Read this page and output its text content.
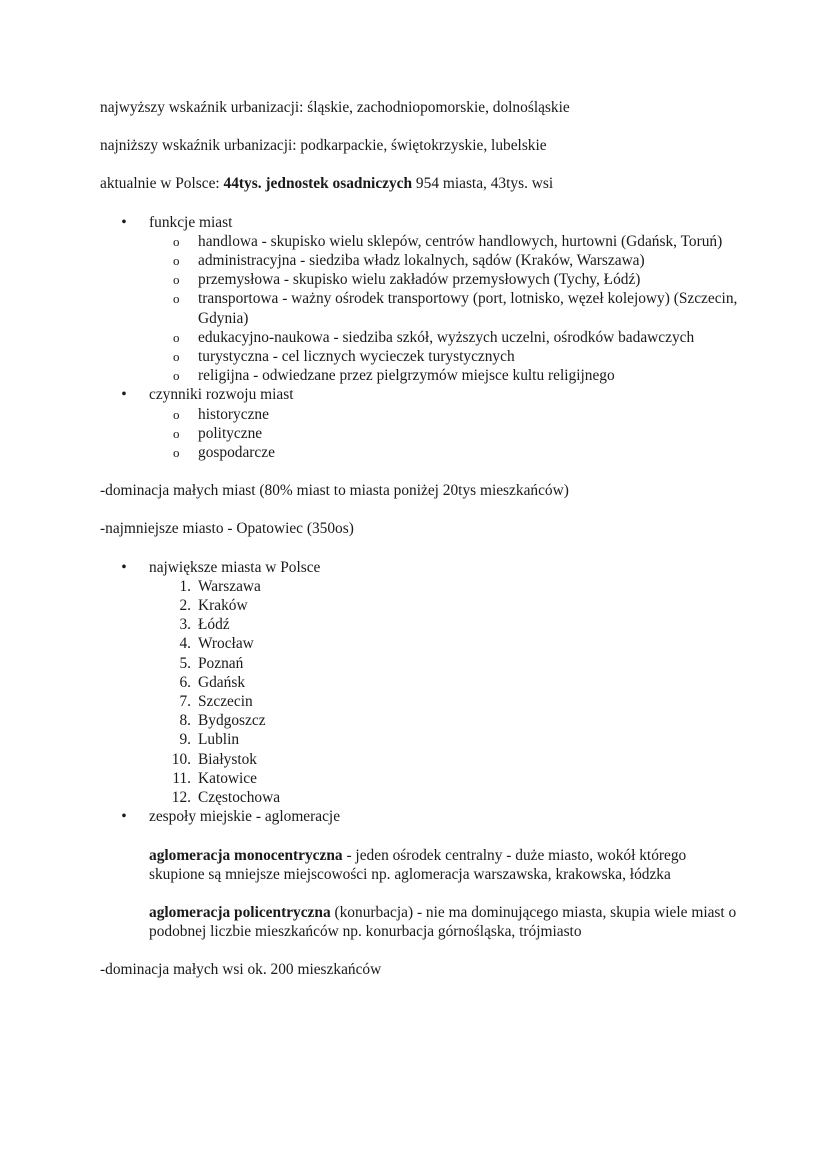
najwyższy wskaźnik urbanizacji: śląskie, zachodniopomorskie, dolnośląskie

najniższy wskaźnik urbanizacji: podkarpackie, świętokrzyskie, lubelskie

aktualnie w Polsce: 44tys. jednostek osadniczych 954 miasta, 43tys. wsi

• funkcje miast
o handlowa - skupisko wielu sklepów, centrów handlowych, hurtowni (Gdańsk, Toruń)
o administracyjna - siedziba władz lokalnych, sądów (Kraków, Warszawa)
o przemysłowa - skupisko wielu zakładów przemysłowych (Tychy, Łódź)
o transportowa - ważny ośrodek transportowy (port, lotnisko, węzeł kolejowy) (Szczecin, Gdynia)
o edukacyjno-naukowa - siedziba szkół, wyższych uczelni, ośrodków badawczych
o turystyczna - cel licznych wycieczek turystycznych
o religijna - odwiedzane przez pielgrzymów miejsce kultu religijnego
• czynniki rozwoju miast
o historyczne
o polityczne
o gospodarcze

-dominacja małych miast (80% miast to miasta poniżej 20tys mieszkańców)

-najmniejsze miasto - Opatowiec (350os)

• największe miasta w Polsce
1. Warszawa
2. Kraków
3. Łódź
4. Wrocław
5. Poznań
6. Gdańsk
7. Szczecin
8. Bydgoszcz
9. Lublin
10. Białystok
11. Katowice
12. Częstochowa
• zespoły miejskie - aglomeracje

aglomeracja monocentryczna - jeden ośrodek centralny - duże miasto, wokół którego skupione są mniejsze miejscowości np. aglomeracja warszawska, krakowska, łódzka

aglomeracja policentryczna (konurbacja) - nie ma dominującego miasta, skupia wiele miast o podobnej liczbie mieszkańców np. konurbacja górnośląska, trójmiasto

-dominacja małych wsi ok. 200 mieszkańców
